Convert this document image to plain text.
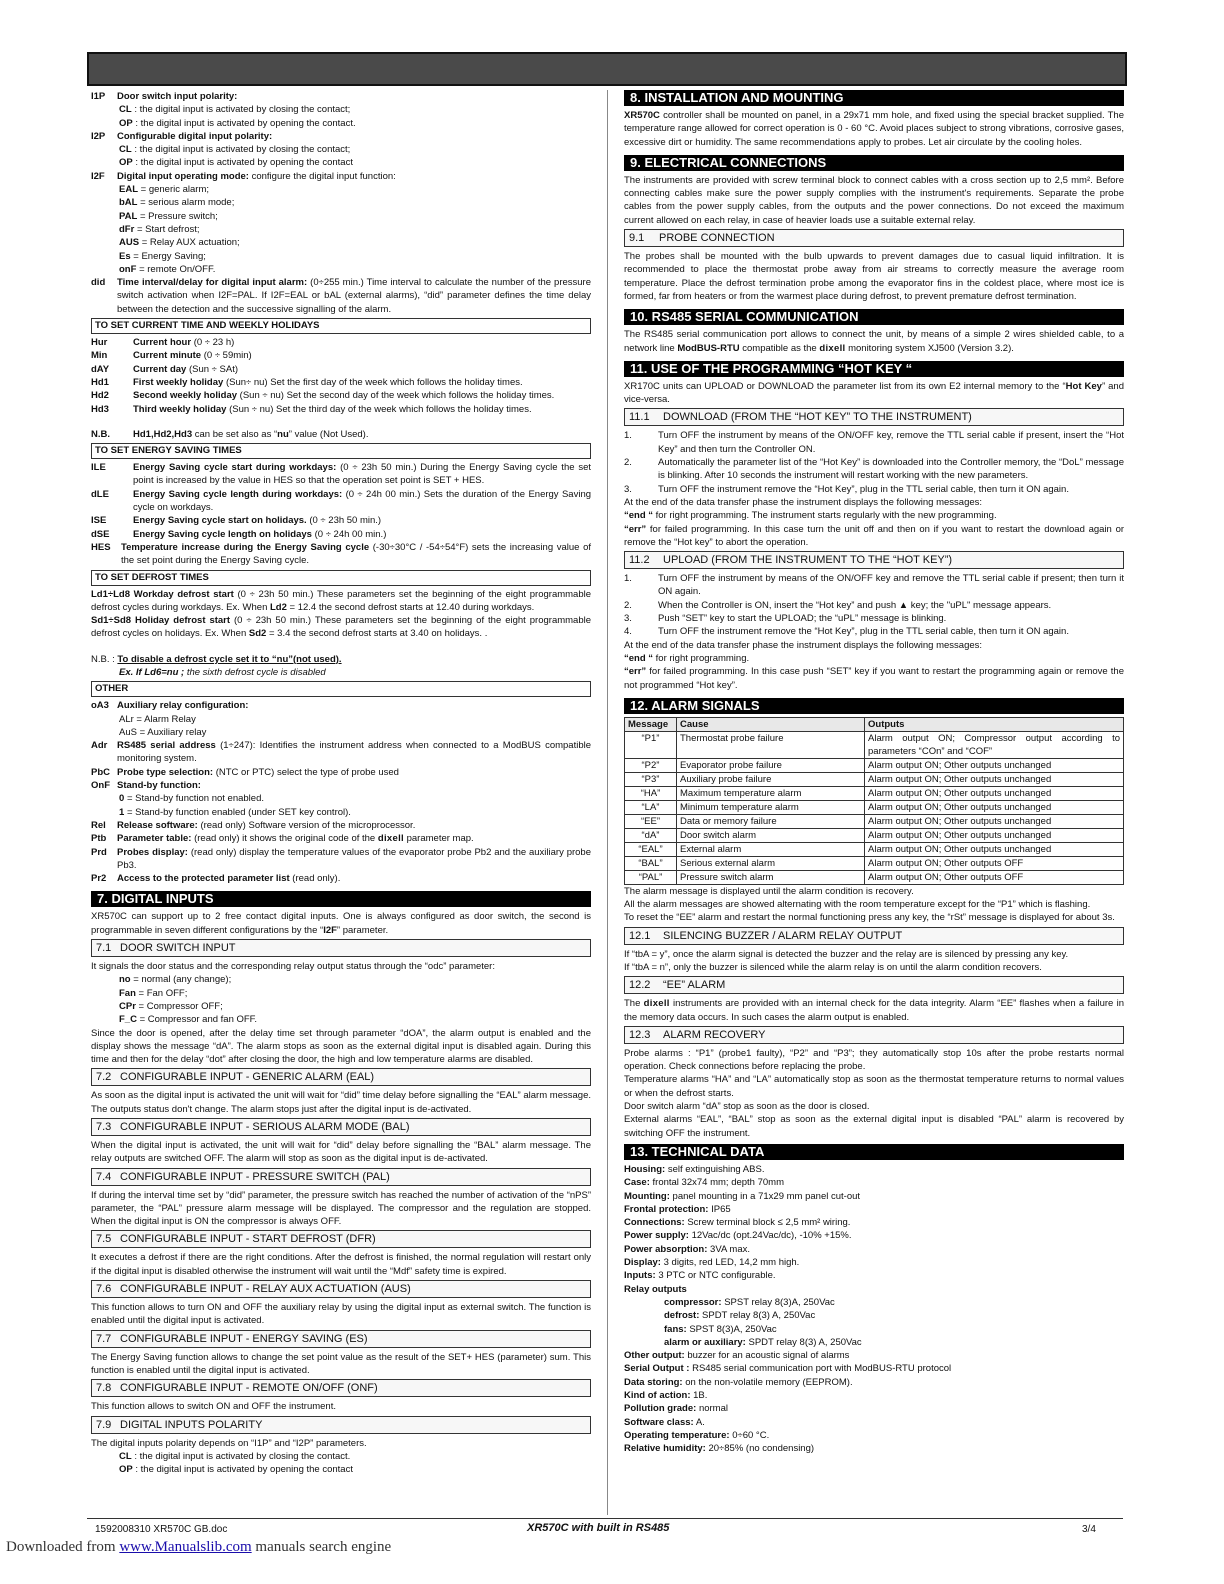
I1P	Door switch input polarity:
CL : the digital input is activated by closing the contact;
OP : the digital input is activated by opening the contact.
I2P	Configurable digital input polarity:
CL : the digital input is activated by closing the contact;
OP : the digital input is activated by opening the contact
I2F	Digital input operating mode: configure the digital input function:
EAL = generic alarm;
bAL = serious alarm mode;
PAL = Pressure switch;
dFr = Start defrost;
AUS = Relay AUX actuation;
Es = Energy Saving;
onF = remote On/OFF.
did	Time interval/delay for digital input alarm: (0÷255 min.) Time interval to calculate the number of the pressure switch activation when I2F=PAL. If I2F=EAL or bAL (external alarms), “did” parameter defines the time delay between the detection and the successive signalling of the alarm.
TO SET CURRENT TIME AND WEEKLY HOLIDAYS
Hur	Current hour (0 ÷ 23 h)
Min	Current minute (0 ÷ 59min)
dAY	Current day (Sun ÷ SAt)
Hd1	First weekly holiday (Sun÷ nu) Set the first day of the week which follows the holiday times.
Hd2	Second weekly holiday (Sun ÷ nu) Set the second day of the week which follows the holiday times.
Hd3	Third weekly holiday (Sun ÷ nu) Set the third day of the week which follows the holiday times.
N.B.	Hd1,Hd2,Hd3 can be set also as “nu” value (Not Used).
TO SET ENERGY SAVING TIMES
ILE	Energy Saving cycle start during workdays: (0 ÷ 23h 50 min.) During the Energy Saving cycle the set point is increased by the value in HES so that the operation set point is SET + HES.
dLE	Energy Saving cycle length during workdays: (0 ÷ 24h 00 min.) Sets the duration of the Energy Saving cycle on workdays.
ISE	Energy Saving cycle start on holidays. (0 ÷ 23h 50 min.)
dSE	Energy Saving cycle length on holidays (0 ÷ 24h 00 min.)
HES	Temperature increase during the Energy Saving cycle (-30÷30°C / -54÷54°F) sets the increasing value of the set point during the Energy Saving cycle.
TO SET DEFROST TIMES
Ld1÷Ld8 Workday defrost start (0 ÷ 23h 50 min.) These parameters set the beginning of the eight programmable defrost cycles during workdays. Ex. When Ld2 = 12.4 the second defrost starts at 12.40 during workdays.
Sd1÷Sd8 Holiday defrost start (0 ÷ 23h 50 min.) These parameters set the beginning of the eight programmable defrost cycles on holidays. Ex. When Sd2 = 3.4 the second defrost starts at 3.40 on holidays. .
N.B. : To disable a defrost cycle set it to “nu”(not used).
Ex. If Ld6=nu ; the sixth defrost cycle is disabled
OTHER
oA3 Auxiliary relay configuration:
ALr = Alarm Relay
AuS = Auxiliary relay
Adr	RS485 serial address (1÷247): Identifies the instrument address when connected to a ModBUS compatible monitoring system.
PbC Probe type selection: (NTC or PTC) select the type of probe used
OnF Stand-by function:
0 = Stand-by function not enabled.
1 = Stand-by function enabled (under SET key control).
Rel	Release software: (read only) Software version of the microprocessor.
Ptb	Parameter table: (read only) it shows the original code of the dixell parameter map.
Prd	Probes display: (read only) display the temperature values of the evaporator probe Pb2 and the auxiliary probe Pb3.
Pr2	Access to the protected parameter list (read only).
7. DIGITAL INPUTS
XR570C can support up to 2 free contact digital inputs. One is always configured as door switch, the second is programmable in seven different configurations by the “I2F” parameter.
7.1 DOOR SWITCH INPUT
It signals the door status and the corresponding relay output status through the “odc” parameter:
no = normal (any change);
Fan = Fan OFF;
CPr = Compressor OFF;
F_C = Compressor and fan OFF.
Since the door is opened, after the delay time set through parameter “dOA”, the alarm output is enabled and the display shows the message “dA”. The alarm stops as soon as the external digital input is disabled again. During this time and then for the delay “dot” after closing the door, the high and low temperature alarms are disabled.
7.2 CONFIGURABLE INPUT - GENERIC ALARM (EAL)
As soon as the digital input is activated the unit will wait for “did” time delay before signalling the “EAL” alarm message. The outputs status don't change. The alarm stops just after the digital input is de-activated.
7.3 CONFIGURABLE INPUT - SERIOUS ALARM MODE (BAL)
When the digital input is activated, the unit will wait for “did” delay before signalling the “BAL” alarm message. The relay outputs are switched OFF. The alarm will stop as soon as the digital input is de-activated.
7.4 CONFIGURABLE INPUT - PRESSURE SWITCH (PAL)
If during the interval time set by “did” parameter, the pressure switch has reached the number of activation of the “nPS” parameter, the “PAL” pressure alarm message will be displayed. The compressor and the regulation are stopped. When the digital input is ON the compressor is always OFF.
7.5 CONFIGURABLE INPUT - START DEFROST (DFR)
It executes a defrost if there are the right conditions. After the defrost is finished, the normal regulation will restart only if the digital input is disabled otherwise the instrument will wait until the “Mdf” safety time is expired.
7.6 CONFIGURABLE INPUT - RELAY AUX ACTUATION (AUS)
This function allows to turn ON and OFF the auxiliary relay by using the digital input as external switch. The function is enabled until the digital input is activated.
7.7 CONFIGURABLE INPUT - ENERGY SAVING (ES)
The Energy Saving function allows to change the set point value as the result of the SET+ HES (parameter) sum. This function is enabled until the digital input is activated.
7.8 CONFIGURABLE INPUT - REMOTE ON/OFF (ONF)
This function allows to switch ON and OFF the instrument.
7.9 DIGITAL INPUTS POLARITY
The digital inputs polarity depends on “I1P” and “I2P” parameters.
CL : the digital input is activated by closing the contact.
OP : the digital input is activated by opening the contact
8. INSTALLATION AND MOUNTING
XR570C controller shall be mounted on panel, in a 29x71 mm hole, and fixed using the special bracket supplied. The temperature range allowed for correct operation is 0 - 60 °C. Avoid places subject to strong vibrations, corrosive gases, excessive dirt or humidity. The same recommendations apply to probes. Let air circulate by the cooling holes.
9. ELECTRICAL CONNECTIONS
The instruments are provided with screw terminal block to connect cables with a cross section up to 2,5 mm². Before connecting cables make sure the power supply complies with the instrument's requirements. Separate the probe cables from the power supply cables, from the outputs and the power connections. Do not exceed the maximum current allowed on each relay, in case of heavier loads use a suitable external relay.
9.1 PROBE CONNECTION
The probes shall be mounted with the bulb upwards to prevent damages due to casual liquid infiltration. It is recommended to place the thermostat probe away from air streams to correctly measure the average room temperature. Place the defrost termination probe among the evaporator fins in the coldest place, where most ice is formed, far from heaters or from the warmest place during defrost, to prevent premature defrost termination.
10. RS485 SERIAL COMMUNICATION
The RS485 serial communication port allows to connect the unit, by means of a simple 2 wires shielded cable, to a network line ModBUS-RTU compatible as the dixell monitoring system XJ500 (Version 3.2).
11. USE OF THE PROGRAMMING “HOT KEY “
XR170C units can UPLOAD or DOWNLOAD the parameter list from its own E2 internal memory to the “Hot Key” and vice-versa.
11.1 DOWNLOAD (FROM THE “HOT KEY” TO THE INSTRUMENT)
1.	Turn OFF the instrument by means of the ON/OFF key, remove the TTL serial cable if present, insert the “Hot Key” and then turn the Controller ON.
2.	Automatically the parameter list of the “Hot Key” is downloaded into the Controller memory, the “DoL” message is blinking. After 10 seconds the instrument will restart working with the new parameters.
3.	Turn OFF the instrument remove the “Hot Key”, plug in the TTL serial cable, then turn it ON again.
At the end of the data transfer phase the instrument displays the following messages:
“end “ for right programming. The instrument starts regularly with the new programming.
“err” for failed programming. In this case turn the unit off and then on if you want to restart the download again or remove the “Hot key” to abort the operation.
11.2 UPLOAD (FROM THE INSTRUMENT TO THE “HOT KEY”)
1.	Turn OFF the instrument by means of the ON/OFF key and remove the TTL serial cable if present; then turn it ON again.
2.	When the Controller is ON, insert the “Hot key” and push ▲ key; the "uPL" message appears.
3.	Push “SET” key to start the UPLOAD; the “uPL” message is blinking.
4.	Turn OFF the instrument remove the “Hot Key”, plug in the TTL serial cable, then turn it ON again.
At the end of the data transfer phase the instrument displays the following messages:
“end “ for right programming.
“err” for failed programming. In this case push “SET” key if you want to restart the programming again or remove the not programmed “Hot key”.
12. ALARM SIGNALS
Message	Cause	Outputs
“P1”	Thermostat probe failure	Alarm output ON; Compressor output according to parameters “COn” and “COF”
“P2”	Evaporator probe failure	Alarm output ON; Other outputs unchanged
“P3”	Auxiliary probe failure	Alarm output ON; Other outputs unchanged
“HA”	Maximum temperature alarm	Alarm output ON; Other outputs unchanged
“LA”	Minimum temperature alarm	Alarm output ON; Other outputs unchanged
“EE”	Data or memory failure	Alarm output ON; Other outputs unchanged
“dA”	Door switch alarm	Alarm output ON; Other outputs unchanged
“EAL”	External alarm	Alarm output ON; Other outputs unchanged
“BAL”	Serious external alarm	Alarm output ON; Other outputs OFF
“PAL”	Pressure switch alarm	Alarm output ON; Other outputs OFF
The alarm message is displayed until the alarm condition is recovery.
All the alarm messages are showed alternating with the room temperature except for the “P1” which is flashing.
To reset the “EE” alarm and restart the normal functioning press any key, the “rSt” message is displayed for about 3s.
12.1 SILENCING BUZZER / ALARM RELAY OUTPUT
If “tbA = y”, once the alarm signal is detected the buzzer and the relay are is silenced by pressing any key.
If “tbA = n”, only the buzzer is silenced while the alarm relay is on until the alarm condition recovers.
12.2 “EE” ALARM
The dixell instruments are provided with an internal check for the data integrity. Alarm “EE” flashes when a failure in the memory data occurs. In such cases the alarm output is enabled.
12.3 ALARM RECOVERY
Probe alarms : “P1” (probe1 faulty), “P2” and “P3”; they automatically stop 10s after the probe restarts normal operation. Check connections before replacing the probe.
Temperature alarms “HA” and “LA” automatically stop as soon as the thermostat temperature returns to normal values or when the defrost starts.
Door switch alarm “dA” stop as soon as the door is closed.
External alarms “EAL”, “BAL” stop as soon as the external digital input is disabled “PAL” alarm is recovered by switching OFF the instrument.
13. TECHNICAL DATA
Housing: self extinguishing ABS.
Case: frontal 32x74 mm; depth 70mm
Mounting: panel mounting in a 71x29 mm panel cut-out
Frontal protection: IP65
Connections: Screw terminal block ≤ 2,5 mm² wiring.
Power supply: 12Vac/dc (opt.24Vac/dc), -10% +15%.
Power absorption: 3VA max.
Display: 3 digits, red LED, 14,2 mm high.
Inputs: 3 PTC or NTC configurable.
Relay outputs
compressor: SPST relay 8(3)A, 250Vac
defrost: SPDT relay 8(3) A, 250Vac
fans: SPST 8(3)A, 250Vac
alarm or auxiliary: SPDT relay 8(3) A, 250Vac
Other output: buzzer for an acoustic signal of alarms
Serial Output : RS485 serial communication port with ModBUS-RTU protocol
Data storing: on the non-volatile memory (EEPROM).
Kind of action: 1B.
Pollution grade: normal
Software class: A.
Operating temperature: 0÷60 °C.
Relative humidity: 20÷85% (no condensing)
1592008310 XR570C GB.doc	XR570C with built in RS485	3/4
Downloaded from www.Manualslib.com manuals search engine
